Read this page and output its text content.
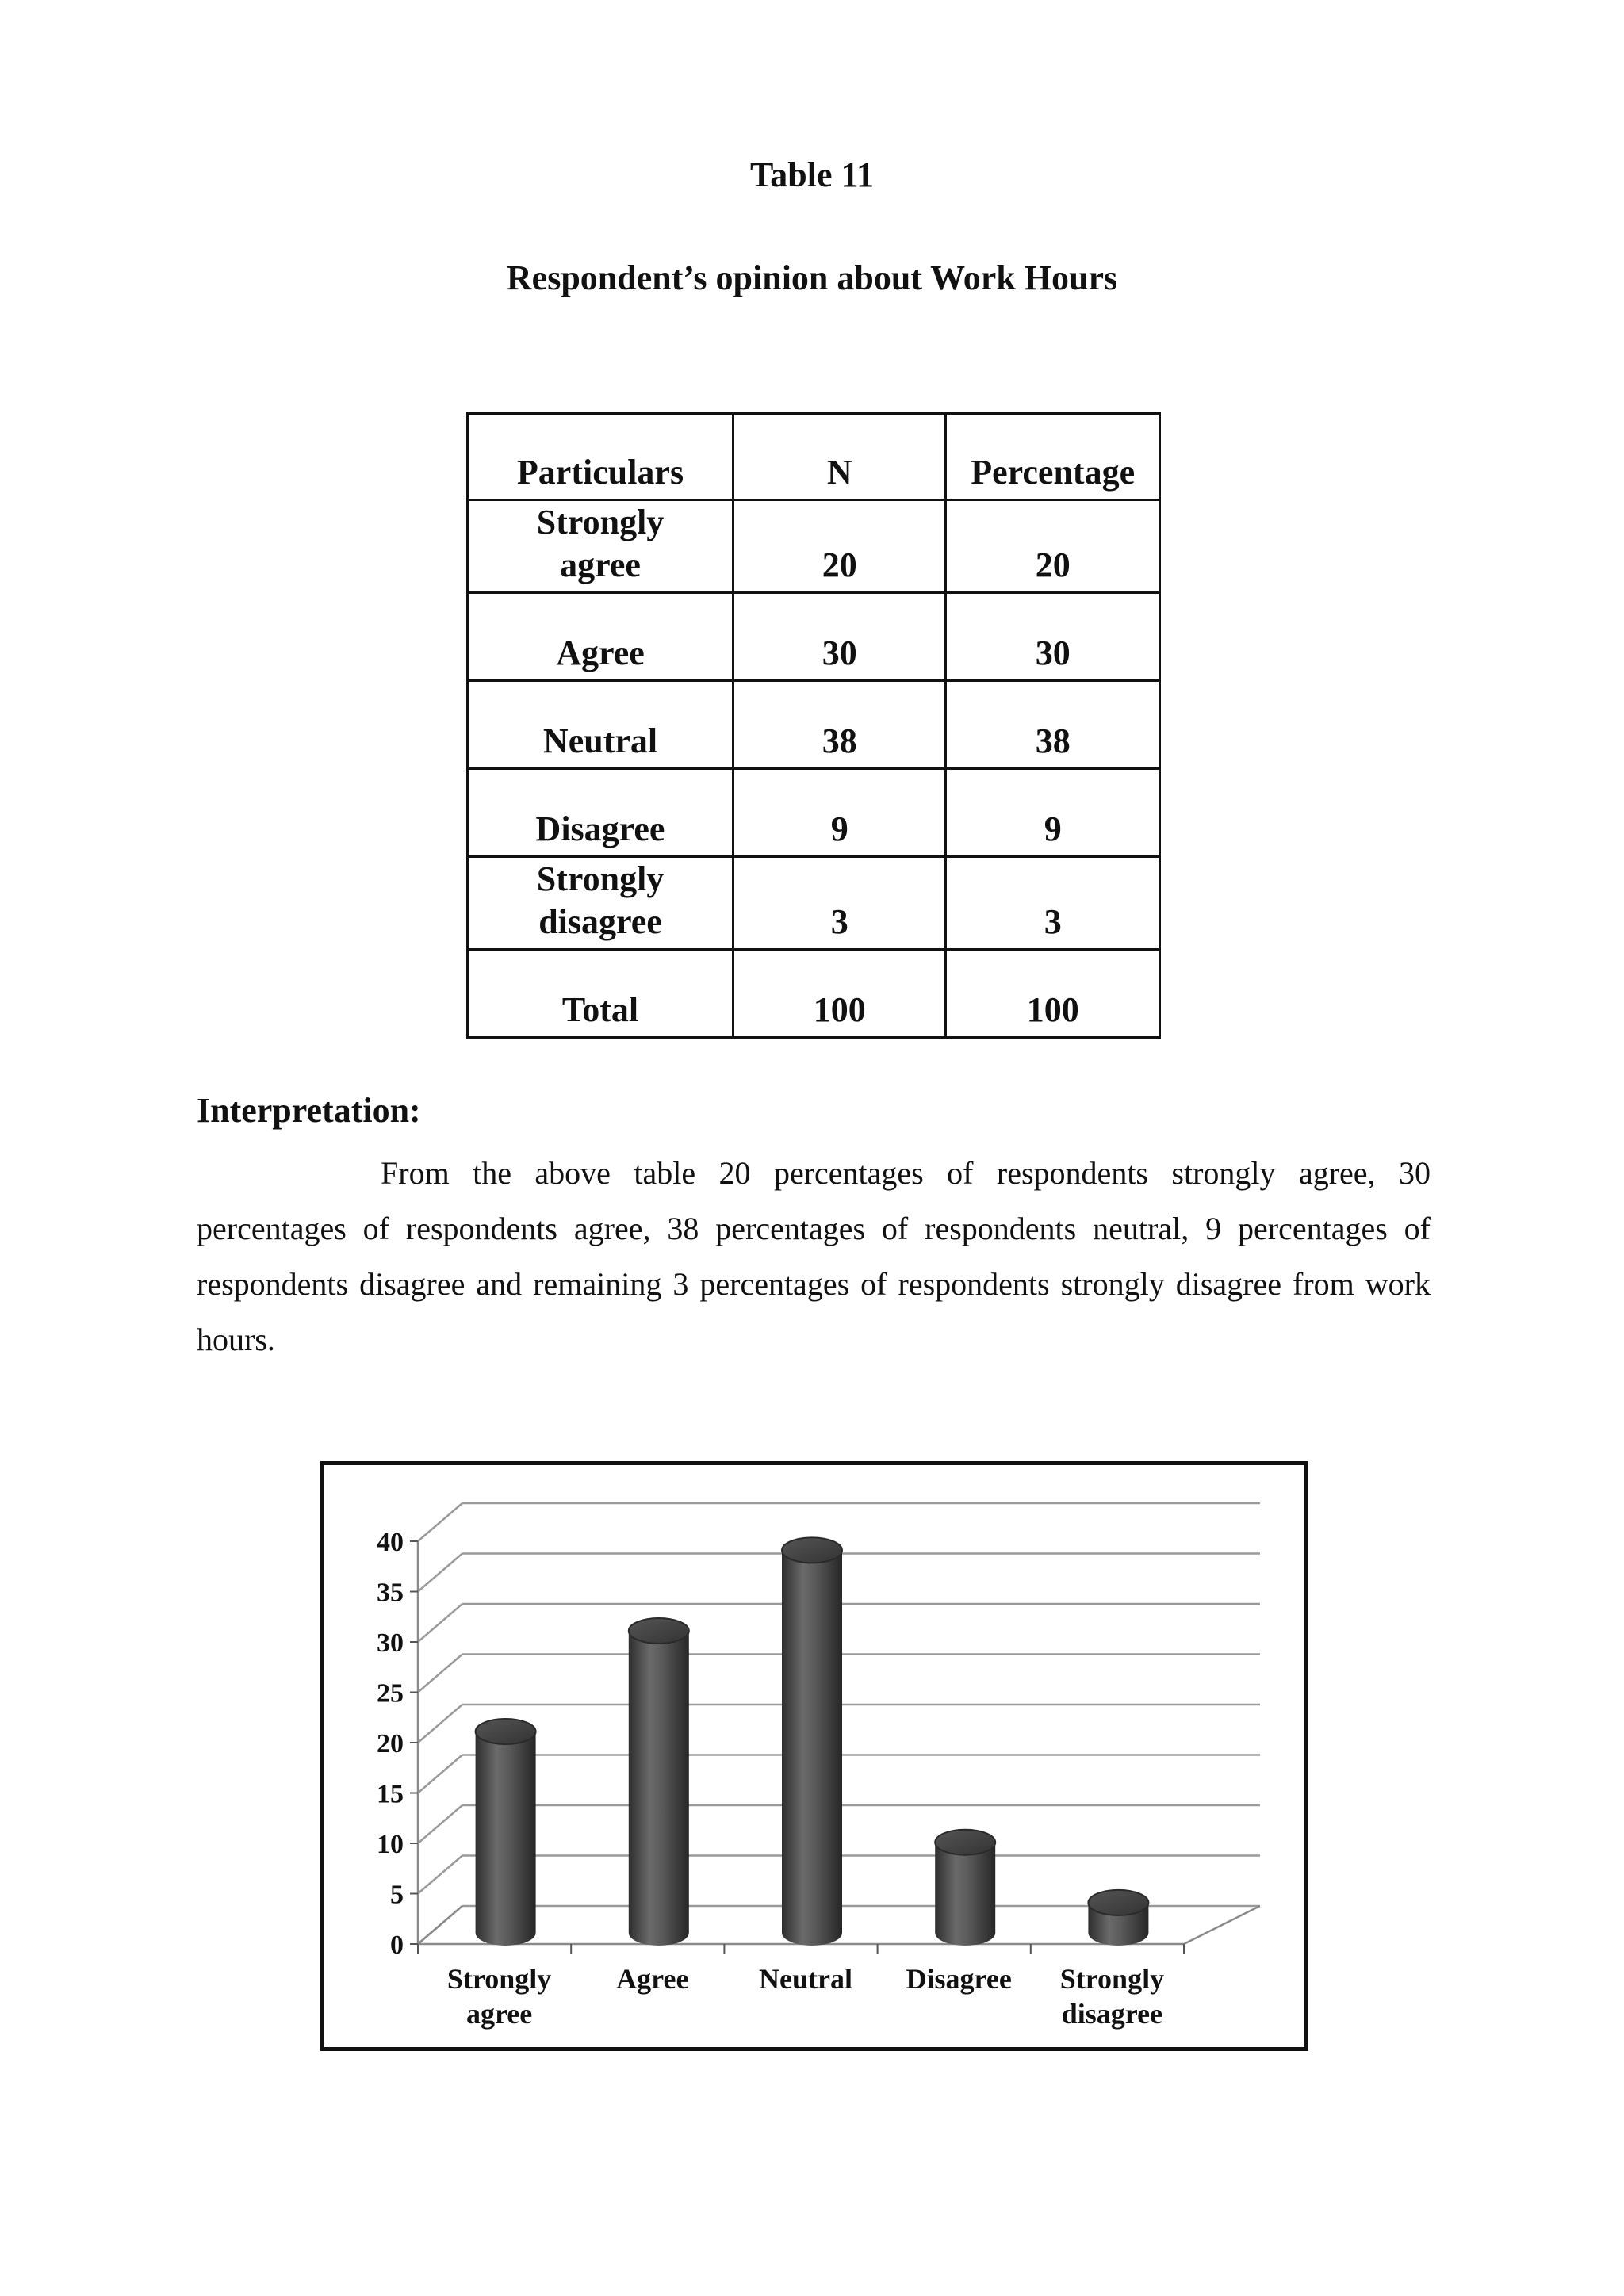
Table 11
Respondent’s opinion about Work Hours
Particulars	N	Percentage

Strongly
agree	20	20

Agree	30	30

Neutral	38	38

Disagree	9	9

Strongly
disagree	3	3

Total	100	100
Interpretation:
From the above table 20 percentages of respondents strongly agree, 30 percentages of respondents agree, 38 percentages of respondents neutral, 9 percentages of respondents disagree and remaining 3 percentages of respondents strongly disagree from work hours.
0
5
10
15
20
25
30
35
40
Strongly agree
Agree Neutral Disagree Strongly disagree
